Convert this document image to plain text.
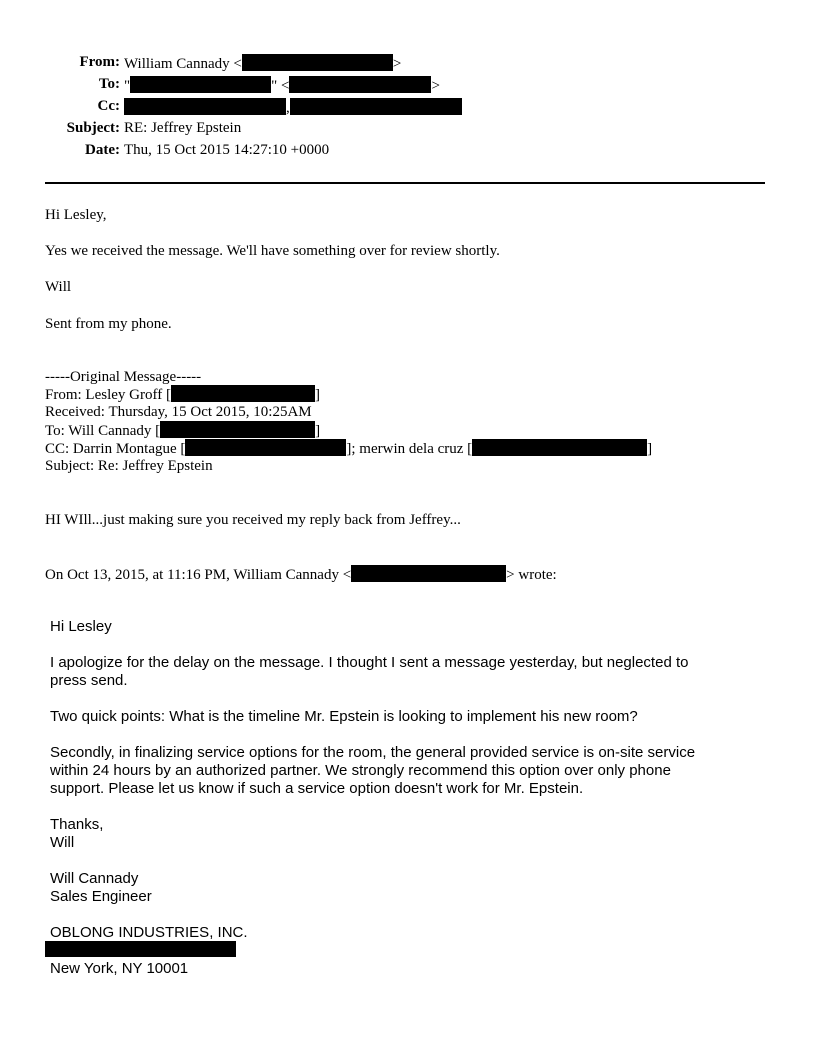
From: William Cannady <	>
To: "	" <	>
Cc:	,
Subject: RE: Jeffrey Epstein
Date: Thu, 15 Oct 2015 14:27:10 +0000
Hi Lesley,
Yes we received the message. We'll have something over for review shortly.
Will
Sent from my phone.
-----Original Message-----
From: Lesley Groff [	]
Received: Thursday, 15 Oct 2015, 10:25AM
To: Will Cannady [	]
CC: Darrin Montague [	]; merwin dela cruz [	]
Subject: Re: Jeffrey Epstein
HI WIll...just making sure you received my reply back from Jeffrey...
On Oct 13, 2015, at 11:16 PM, William Cannady <	> wrote:
Hi Lesley
I apologize for the delay on the message. I thought I sent a message yesterday, but neglected to
press send.
Two quick points: What is the timeline Mr. Epstein is looking to implement his new room?
Secondly, in finalizing service options for the room, the general provided service is on-site service
within 24 hours by an authorized partner. We strongly recommend this option over only phone
support. Please let us know if such a service option doesn't work for Mr. Epstein.
Thanks,
Will
Will Cannady
Sales Engineer
OBLONG INDUSTRIES, INC.
New York, NY 10001
